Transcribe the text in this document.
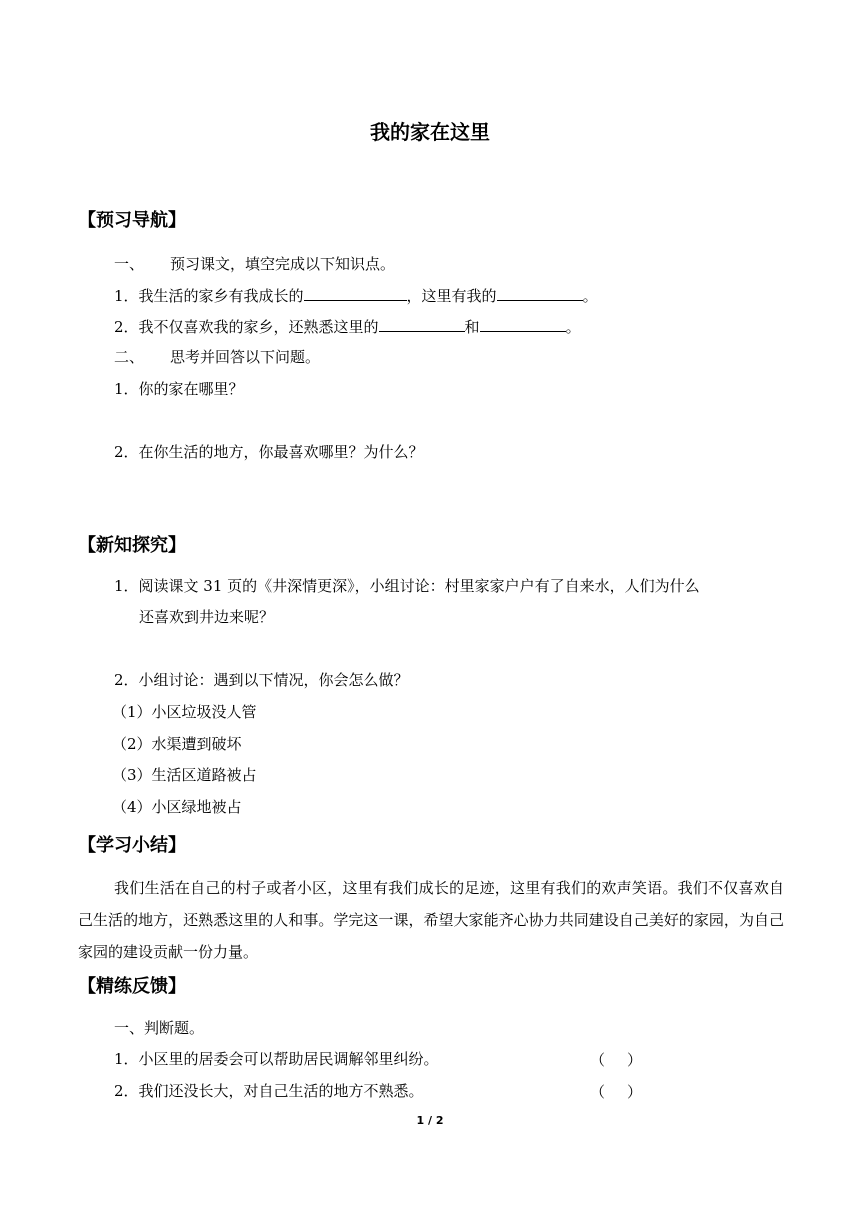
我的家在这里
【预习导航】
一、 预习课文，填空完成以下知识点。
1．我生活的家乡有我成长的	，这里有我的	。
2．我不仅喜欢我的家乡，还熟悉这里的	和	。
二、 思考并回答以下问题。
1．你的家在哪里？
2．在你生活的地方，你最喜欢哪里？为什么？
【新知探究】
1．阅读课文 31 页的《井深情更深》，小组讨论：村里家家户户有了自来水，人们为什么
还喜欢到井边来呢？
2．小组讨论：遇到以下情况，你会怎么做？
（1）小区垃圾没人管
（2）水渠遭到破坏
（3）生活区道路被占
（4）小区绿地被占
【学习小结】
我们生活在自己的村子或者小区，这里有我们成长的足迹，这里有我们的欢声笑语。我们不仅喜欢自己生活的地方，还熟悉这里的人和事。学完这一课，希望大家能齐心协力共同建设自己美好的家园，为自己家园的建设贡献一份力量。
【精练反馈】
一、判断题。
1．小区里的居委会可以帮助居民调解邻里纠纷。	（ ）
2．我们还没长大，对自己生活的地方不熟悉。	（ ）
1 / 2
